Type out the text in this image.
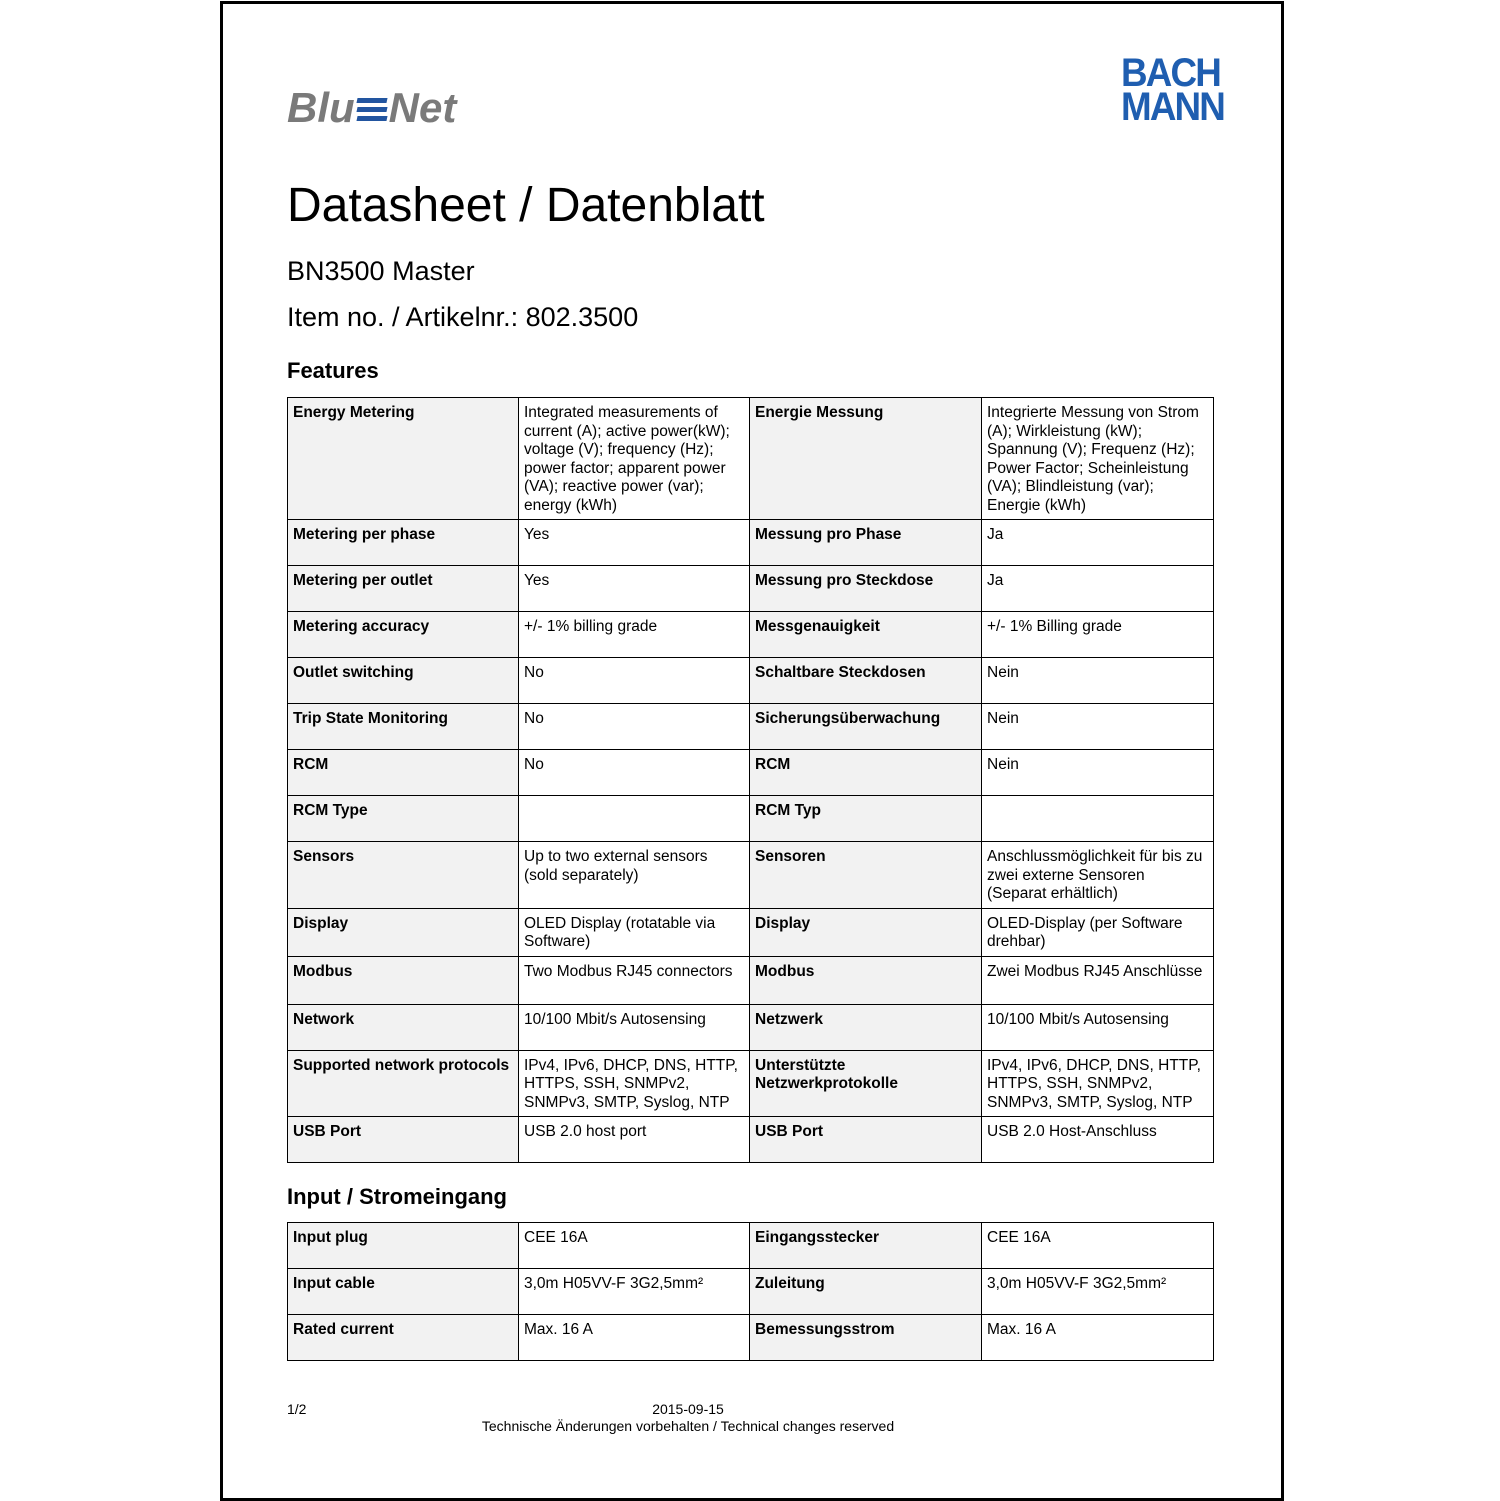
Blu Net
BACH
MANN
Datasheet / Datenblatt
BN3500 Master
Item no. / Artikelnr.: 802.3500
Features
Energy Metering	Integrated measurements of current (A); active power(kW); voltage (V); frequency (Hz); power factor; apparent power (VA); reactive power (var); energy (kWh)	Energie Messung	Integrierte Messung von Strom (A); Wirkleistung (kW); Spannung (V); Frequenz (Hz); Power Factor; Scheinleistung (VA); Blindleistung (var); Energie (kWh)
Metering per phase	Yes	Messung pro Phase	Ja
Metering per outlet	Yes	Messung pro Steckdose	Ja
Metering accuracy	+/- 1% billing grade	Messgenauigkeit	+/- 1% Billing grade
Outlet switching	No	Schaltbare Steckdosen	Nein
Trip State Monitoring	No	Sicherungsüberwachung	Nein
RCM	No	RCM	Nein
RCM Type		RCM Typ	
Sensors	Up to two external sensors (sold separately)	Sensoren	Anschlussmöglichkeit für bis zu zwei externe Sensoren (Separat erhältlich)
Display	OLED Display (rotatable via Software)	Display	OLED-Display (per Software drehbar)
Modbus	Two Modbus RJ45 connectors	Modbus	Zwei Modbus RJ45 Anschlüsse
Network	10/100 Mbit/s Autosensing	Netzwerk	10/100 Mbit/s Autosensing
Supported network protocols	IPv4, IPv6, DHCP, DNS, HTTP, HTTPS, SSH, SNMPv2, SNMPv3, SMTP, Syslog, NTP	Unterstützte Netzwerkprotokolle	IPv4, IPv6, DHCP, DNS, HTTP, HTTPS, SSH, SNMPv2, SNMPv3, SMTP, Syslog, NTP
USB Port	USB 2.0 host port	USB Port	USB 2.0 Host-Anschluss
Input / Stromeingang
Input plug	CEE 16A	Eingangsstecker	CEE 16A
Input cable	3,0m H05VV-F 3G2,5mm²	Zuleitung	3,0m H05VV-F 3G2,5mm²
Rated current	Max. 16 A	Bemessungsstrom	Max. 16 A
1/2	2015-09-15
Technische Änderungen vorbehalten / Technical changes reserved
